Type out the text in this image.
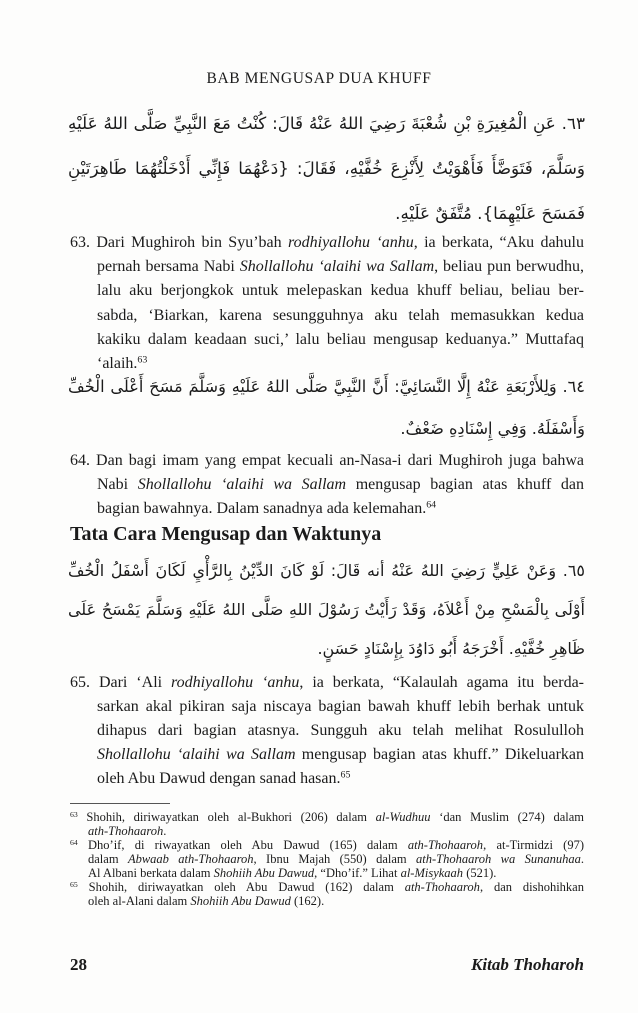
BAB MENGUSAP DUA KHUFF
٦٣. عَنِ الْمُغِيرَةِ بْنِ شُعْبَةَ رَضِيَ اللهُ عَنْهُ قَالَ: كُنْتُ مَعَ النَّبِيِّ صَلَّى اللهُ عَلَيْهِ
وَسَلَّمَ، فَتَوَضَّأَ فَأَهْوَيْتُ لِأَنْزِعَ خُفَّيْهِ، فَقَالَ: {دَعْهُمَا فَإِنِّي أَدْخَلْتُهُمَا طَاهِرَتَيْنِ
فَمَسَحَ عَلَيْهِمَا}. مُتَّفَقٌ عَلَيْهِ.
63. Dari Mughiroh bin Syu’bah rodhiyallohu ‘anhu, ia berkata, “Aku dahulu
pernah bersama Nabi Shollallohu ‘alaihi wa Sallam, beliau pun berwudhu,
lalu aku berjongkok untuk melepaskan kedua khuff beliau, beliau ber-
sabda, ‘Biarkan, karena sesungguhnya aku telah memasukkan kedua
kakiku dalam keadaan suci,’ lalu beliau mengusap keduanya.” Muttafaq
‘alaih.$^{63}$
٦٤. وَلِلأَرْبَعَةِ عَنْهُ إِلَّا النَّسَائِيَّ: أَنَّ النَّبِيَّ صَلَّى اللهُ عَلَيْهِ وَسَلَّمَ مَسَحَ أَعْلَى الْخُفِّ
وَأَسْفَلَهُ. وَفِي إِسْنَادِهِ ضَعْفٌ.
64. Dan bagi imam yang empat kecuali an-Nasa-i dari Mughiroh juga bahwa
Nabi Shollallohu ‘alaihi wa Sallam mengusap bagian atas khuff dan
bagian bawahnya. Dalam sanadnya ada kelemahan.$^{64}$
Tata Cara Mengusap dan Waktunya
٦٥. وَعَنْ عَلِيٍّ رَضِيَ اللهُ عَنْهُ أنه قَالَ: لَوْ كَانَ الدِّيْنُ بِالرَّأْيِ لَكَانَ أَسْفَلُ الْخُفِّ
أَوْلَى بِالْمَسْحِ مِنْ أَعْلاَهُ، وَقَدْ رَأَيْتُ رَسُوْلَ اللهِ صَلَّى اللهُ عَلَيْهِ وَسَلَّمَ يَمْسَحُ عَلَى
ظَاهِرِ خُفَّيْهِ. أَخْرَجَهُ أَبُو دَاوُدَ بِإِسْنَادٍ حَسَنٍ.
65. Dari ‘Ali rodhiyallohu ‘anhu, ia berkata, “Kalaulah agama itu berda-
sarkan akal pikiran saja niscaya bagian bawah khuff lebih berhak untuk
dihapus dari bagian atasnya. Sungguh aku telah melihat Rosululloh
Shollallohu ‘alaihi wa Sallam mengusap bagian atas khuff.” Dikeluarkan
oleh Abu Dawud dengan sanad hasan.$^{65}$
$^{63}$ Shohih, diriwayatkan oleh al-Bukhori (206) dalam al-Wudhuu ‘dan Muslim (274) dalam
ath-Thohaaroh.
$^{64}$ Dho’if, di riwayatkan oleh Abu Dawud (165) dalam ath-Thohaaroh, at-Tirmidzi (97)
dalam Abwaab ath-Thohaaroh, Ibnu Majah (550) dalam ath-Thohaaroh wa Sunanuhaa.
Al Albani berkata dalam Shohiih Abu Dawud, “Dho’if.” Lihat al-Misykaah (521).
$^{65}$ Shohih, diriwayatkan oleh Abu Dawud (162) dalam ath-Thohaaroh, dan dishohihkan
oleh al-Alani dalam Shohiih Abu Dawud (162).
28	Kitab Thoharoh
